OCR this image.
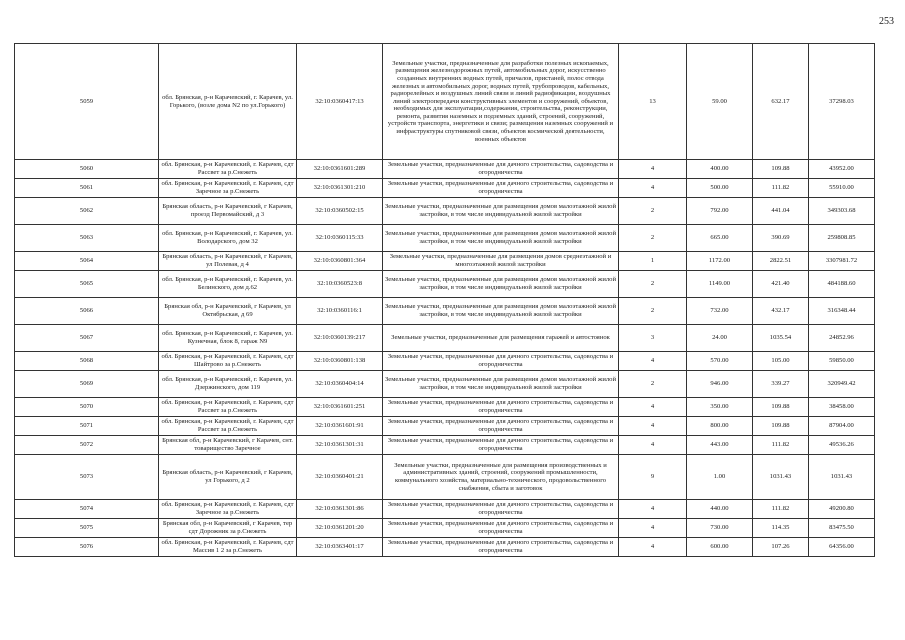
253
5059	обл. Брянская, р-н Карачевский, г. Карачев, ул. Горького, (возле дома N2 по ул.Горького)	32:10:0360417:13	Земельные участки, предназначенные для разработки полезных ископаемых, размещения железнодорожных путей, автомобильных дорог, искусственно созданных внутренних водных путей, причалов, пристаней, полос отвода железных и автомобильных дорог, водных путей, трубопроводов, кабельных, радиорелейных и воздушных линий связи и линий радиофикации, воздушных линий электропередачи конструктивных элементов и сооружений, объектов, необходимых для эксплуатации,содержания, строительства, реконструкции, ремонта, развития наземных и подземных зданий, строений, сооружений, устройств транспорта, энергетики и связи; размещения наземных сооружений и инфраструктуры спутниковой связи, объектов космической деятельности, военных объектов	13	59.00	632.17	37298.03
5060	обл. Брянская, р-н Карачевский, г. Карачев, сдт Рассвет за р.Снежеть	32:10:0361601:289	Земельные участки, предназначенные для дачного строительства, садоводства и огородничества	4	400.00	109.88	43952.00
5061	обл. Брянская, р-н Карачевский, г. Карачев, сдт Заречное за р.Снежеть	32:10:0361301:210	Земельные участки, предназначенные для дачного строительства, садоводства и огородничества	4	500.00	111.82	55910.00
5062	Брянская область, р-н Карачевский, г Карачев, проезд Первомайский, д 3	32:10:0360502:15	Земельные участки, предназначенные для размещения домов малоэтажной жилой застройки, в том числе индивидуальной жилой застройки	2	792.00	441.04	349303.68
5063	обл. Брянская, р-н Карачевский, г. Карачев, ул. Володарского, дом 32	32:10:0360115:33	Земельные участки, предназначенные для размещения домов малоэтажной жилой застройки, в том числе индивидуальной жилой застройки	2	665.00	390.69	259808.85
5064	Брянская область, р-н Карачевский, г Карачев, ул Полевая, д 4	32:10:0360801:364	Земельные участки, предназначенные для размещения домов среднеэтажной и многоэтажной жилой застройки	1	1172.00	2822.51	3307981.72
5065	обл. Брянская, р-н Карачевский, г. Карачев, ул. Белинского, дом д.62	32:10:0360523:8	Земельные участки, предназначенные для размещения домов малоэтажной жилой застройки, в том числе индивидуальной жилой застройки	2	1149.00	421.40	484188.60
5066	Брянская обл, р-н Карачевский, г Карачев, ул Октябрьская, д 69	32:10:0360116:1	Земельные участки, предназначенные для размещения домов малоэтажной жилой застройки, в том числе индивидуальной жилой застройки	2	732.00	432.17	316348.44
5067	обл. Брянская, р-н Карачевский, г. Карачев, ул. Кузнечная, блок 8, гараж N9	32:10:0360139:217	Земельные участки, предназначенные для размещения гаражей и автостоянок	3	24.00	1035.54	24852.96
5068	обл. Брянская, р-н Карачевский, г. Карачев, сдт Шайтрово за р.Снежеть	32:10:0360801:138	Земельные участки, предназначенные для дачного строительства, садоводства и огородничества	4	570.00	105.00	59850.00
5069	обл. Брянская, р-н Карачевский, г. Карачев, ул. Дзержинского, дом 119	32:10:0360404:14	Земельные участки, предназначенные для размещения домов малоэтажной жилой застройки, в том числе индивидуальной жилой застройки	2	946.00	339.27	320949.42
5070	обл. Брянская, р-н Карачевский, г. Карачев, сдт Рассвет за р.Снежеть	32:10:0361601:251	Земельные участки, предназначенные для дачного строительства, садоводства и огородничества	4	350.00	109.88	38458.00
5071	обл. Брянская, р-н Карачевский, г. Карачев, сдт Рассвет за р.Снежеть	32:10:0361601:91	Земельные участки, предназначенные для дачного строительства, садоводства и огородничества	4	800.00	109.88	87904.00
5072	Брянская обл, р-н Карачевский, г Карачев, снт. товарищество Заречное	32:10:0361301:31	Земельные участки, предназначенные для дачного строительства, садоводства и огородничества	4	443.00	111.82	49536.26
5073	Брянская область, р-н Карачевский, г Карачев, ул Горького, д 2	32:10:0360401:21	Земельные участки, предназначенные для размещения производственных и административных зданий, строений, сооружений промышленности, коммунального хозяйства, материально-технического, продовольственного снабжения, сбыта и заготовок	9	1.00	1031.43	1031.43
5074	обл. Брянская, р-н Карачевский, г. Карачев, сдт Заречное за р.Снежеть	32:10:0361301:86	Земельные участки, предназначенные для дачного строительства, садоводства и огородничества	4	440.00	111.82	49200.80
5075	Брянская обл, р-н Карачевский, г Карачев, тер сдт Дорожник за р.Снежеть	32:10:0361201:20	Земельные участки, предназначенные для дачного строительства, садоводства и огородничества	4	730.00	114.35	83475.50
5076	обл. Брянская, р-н Карачевский, г. Карачев, сдт Массив 1 2 за р.Снежеть	32:10:0363401:17	Земельные участки, предназначенные для дачного строительства, садоводства и огородничества	4	600.00	107.26	64356.00
